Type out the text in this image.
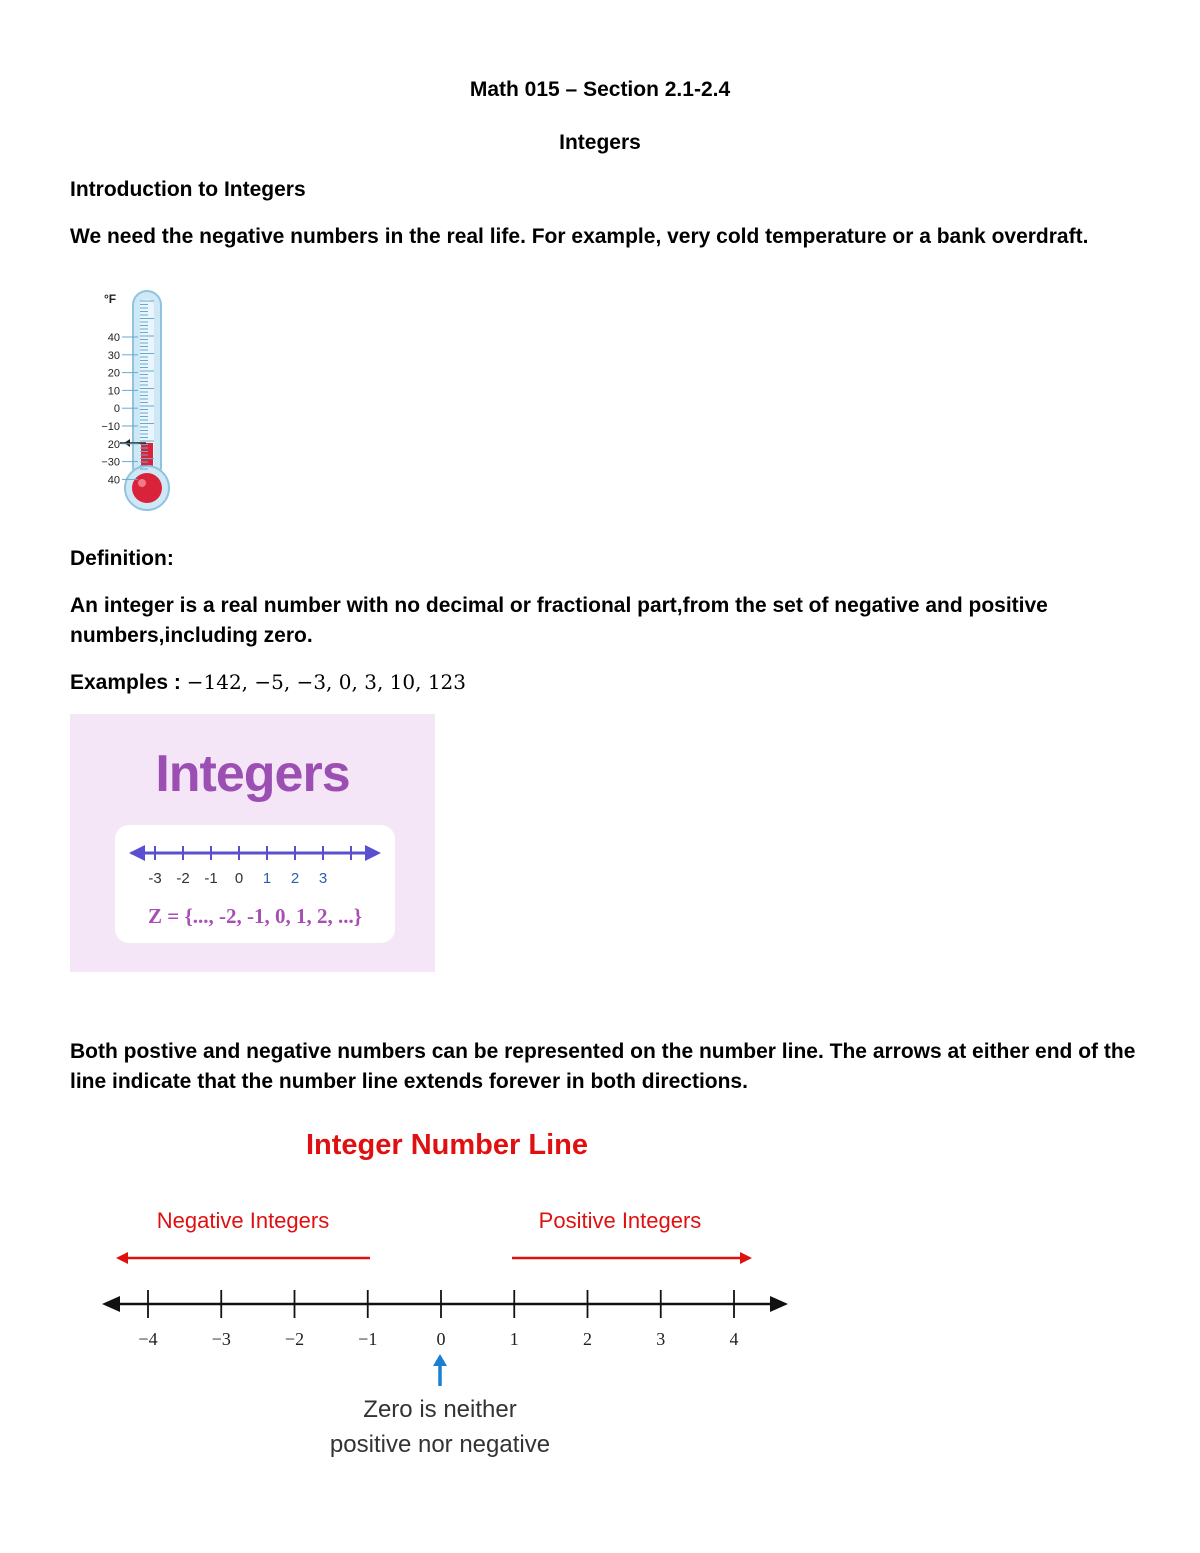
Math 015 – Section 2.1-2.4
Integers
Introduction to Integers
We need the negative numbers in the real life. For example, very cold temperature or a bank overdraft.
°F
40
30
20
10
0
−10
20
−30
40
Definition:
An integer is a real number with no decimal or fractional part,from the set of negative and positive
numbers,including zero.
Examples : −142, −5, −3, 0, 3, 10, 123
Integers
-3 -2 -1 0 1 2 3
Z = {..., -2, -1, 0, 1, 2, ...}
Both postive and negative numbers can be represented on the number line. The arrows at either end of the
line indicate that the number line extends forever in both directions.
Integer Number Line
Negative Integers	Positive Integers
−4	−3	−2	−1	0	1	2	3	4
Zero is neither
positive nor negative
